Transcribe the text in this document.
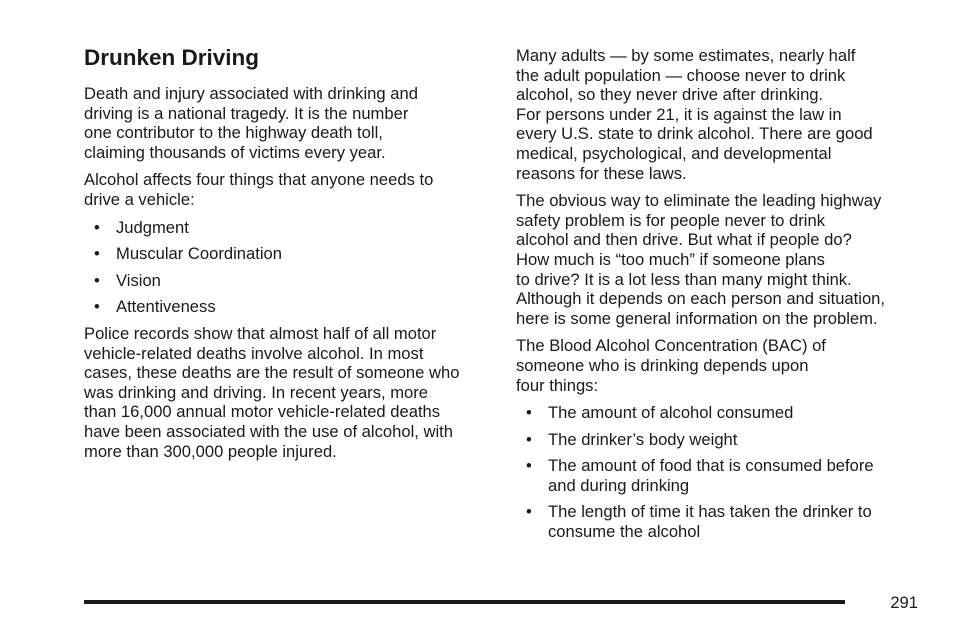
Drunken Driving

Death and injury associated with drinking and
driving is a national tragedy. It is the number
one contributor to the highway death toll,
claiming thousands of victims every year.

Alcohol affects four things that anyone needs to
drive a vehicle:

• Judgment
• Muscular Coordination
• Vision
• Attentiveness

Police records show that almost half of all motor
vehicle-related deaths involve alcohol. In most
cases, these deaths are the result of someone who
was drinking and driving. In recent years, more
than 16,000 annual motor vehicle-related deaths
have been associated with the use of alcohol, with
more than 300,000 people injured.

Many adults — by some estimates, nearly half
the adult population — choose never to drink
alcohol, so they never drive after drinking.
For persons under 21, it is against the law in
every U.S. state to drink alcohol. There are good
medical, psychological, and developmental
reasons for these laws.

The obvious way to eliminate the leading highway
safety problem is for people never to drink
alcohol and then drive. But what if people do?
How much is “too much” if someone plans
to drive? It is a lot less than many might think.
Although it depends on each person and situation,
here is some general information on the problem.

The Blood Alcohol Concentration (BAC) of
someone who is drinking depends upon
four things:

• The amount of alcohol consumed
• The drinker’s body weight
• The amount of food that is consumed before
and during drinking
• The length of time it has taken the drinker to
consume the alcohol
291
